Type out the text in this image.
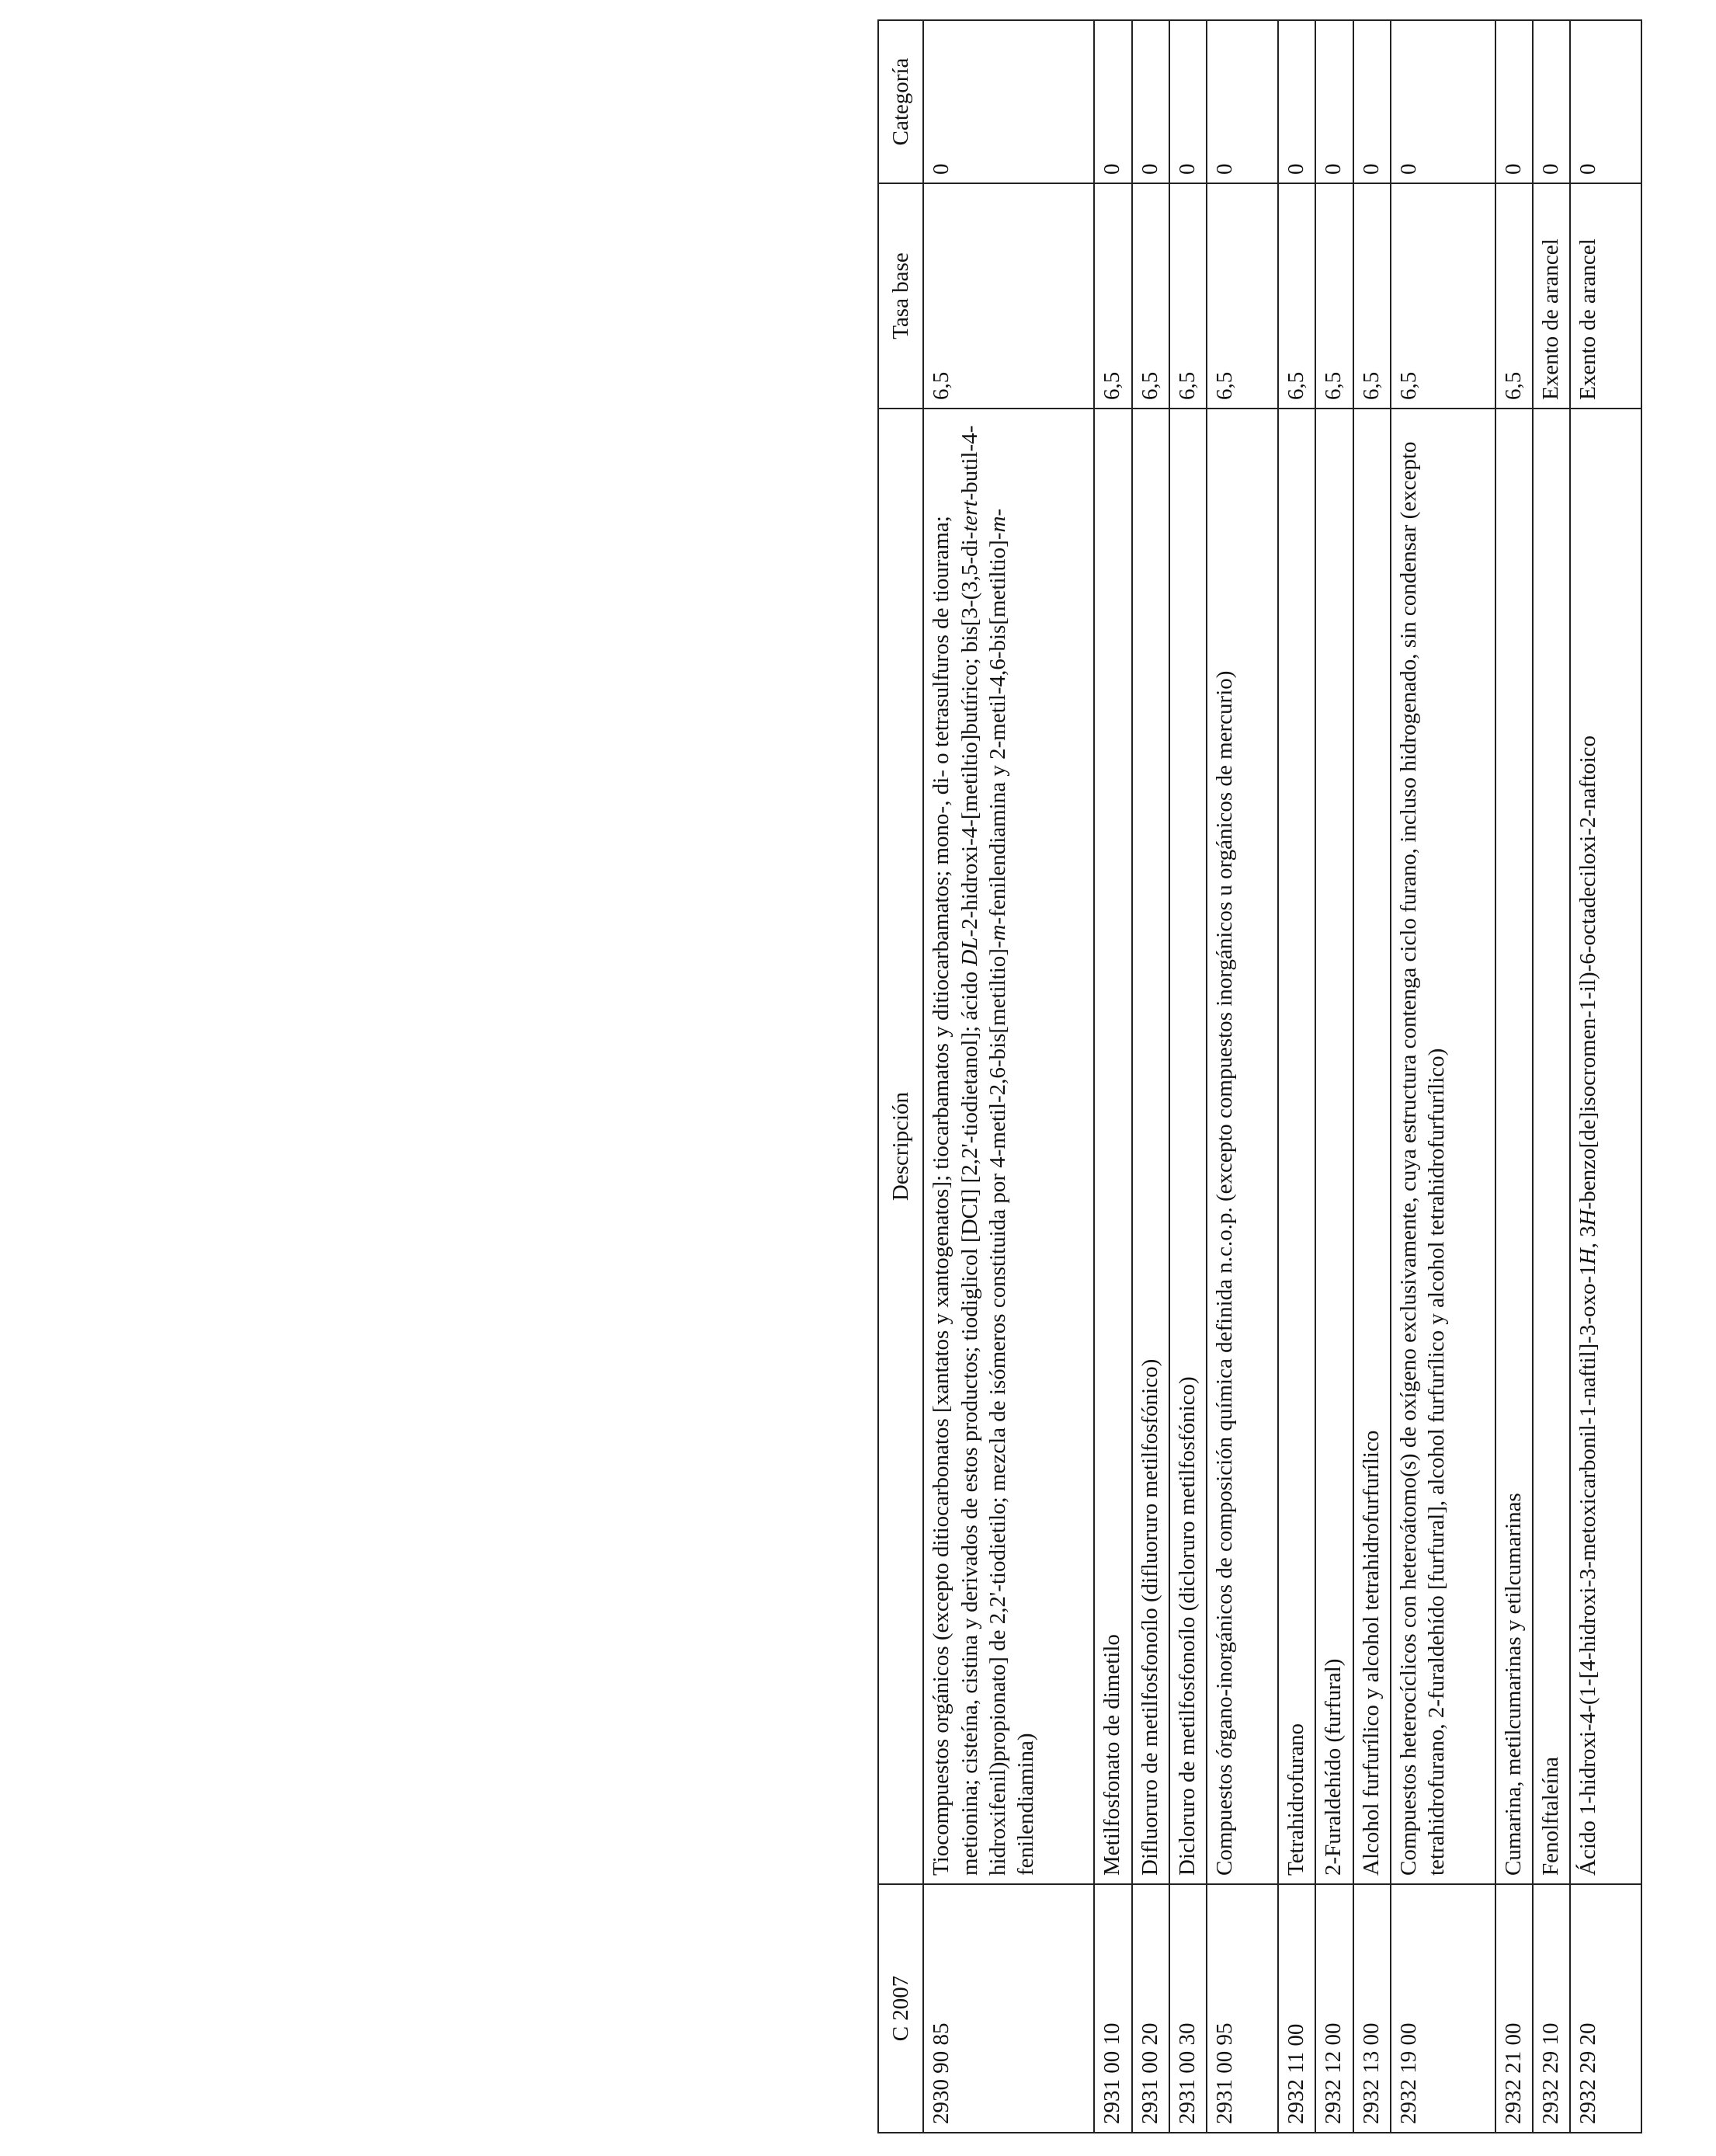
C 2007	Descripción	Tasa base	Categoría
2930 90 85	Tiocompuestos orgánicos (excepto ditiocarbonatos [xantatos y xantogenatos]; tiocarbamatos y ditiocarbamatos; mono-, di- o tetrasulfuros de tiourama; metionina; cisteína, cistina y derivados de estos productos; tiodiglicol [DCI] [2,2'-tiodietanol]; ácido DL-2-hidroxi-4-[metiltio]butírico; bis[3-(3,5-di-tert-butil-4-hidroxifenil)propionato] de 2,2'-tiodietilo; mezcla de isómeros constituida por 4-metil-2,6-bis[metiltio]-m-fenilendiamina y 2-metil-4,6-bis[metiltio]-m-fenilendiamina)	6,5	0
2931 00 10	Metilfosfonato de dimetilo	6,5	0
2931 00 20	Difluoruro de metilfosfonoílo (difluoruro metilfosfónico)	6,5	0
2931 00 30	Dicloruro de metilfosfonoílo (dicloruro metilfosfónico)	6,5	0
2931 00 95	Compuestos órgano-inorgánicos de composición química definida n.c.o.p. (excepto compuestos inorgánicos u orgánicos de mercurio)	6,5	0
2932 11 00	Tetrahidrofurano	6,5	0
2932 12 00	2-Furaldehído (furfural)	6,5	0
2932 13 00	Alcohol furfurílico y alcohol tetrahidrofurfurílico	6,5	0
2932 19 00	Compuestos heterocíclicos con heteroátomo(s) de oxígeno exclusivamente, cuya estructura contenga ciclo furano, incluso hidrogenado, sin condensar (excepto tetrahidrofurano, 2-furaldehído [furfural], alcohol furfurílico y alcohol tetrahidrofurfurílico)	6,5	0
2932 21 00	Cumarina, metilcumarinas y etilcumarinas	6,5	0
2932 29 10	Fenolftaleína	Exento de arancel	0
2932 29 20	Ácido 1-hidroxi-4-(1-[4-hidroxi-3-metoxicarbonil-1-naftil]-3-oxo-1H, 3H-benzo[de]isocromen-1-il)-6-octadeciloxi-2-naftoico	Exento de arancel	0
